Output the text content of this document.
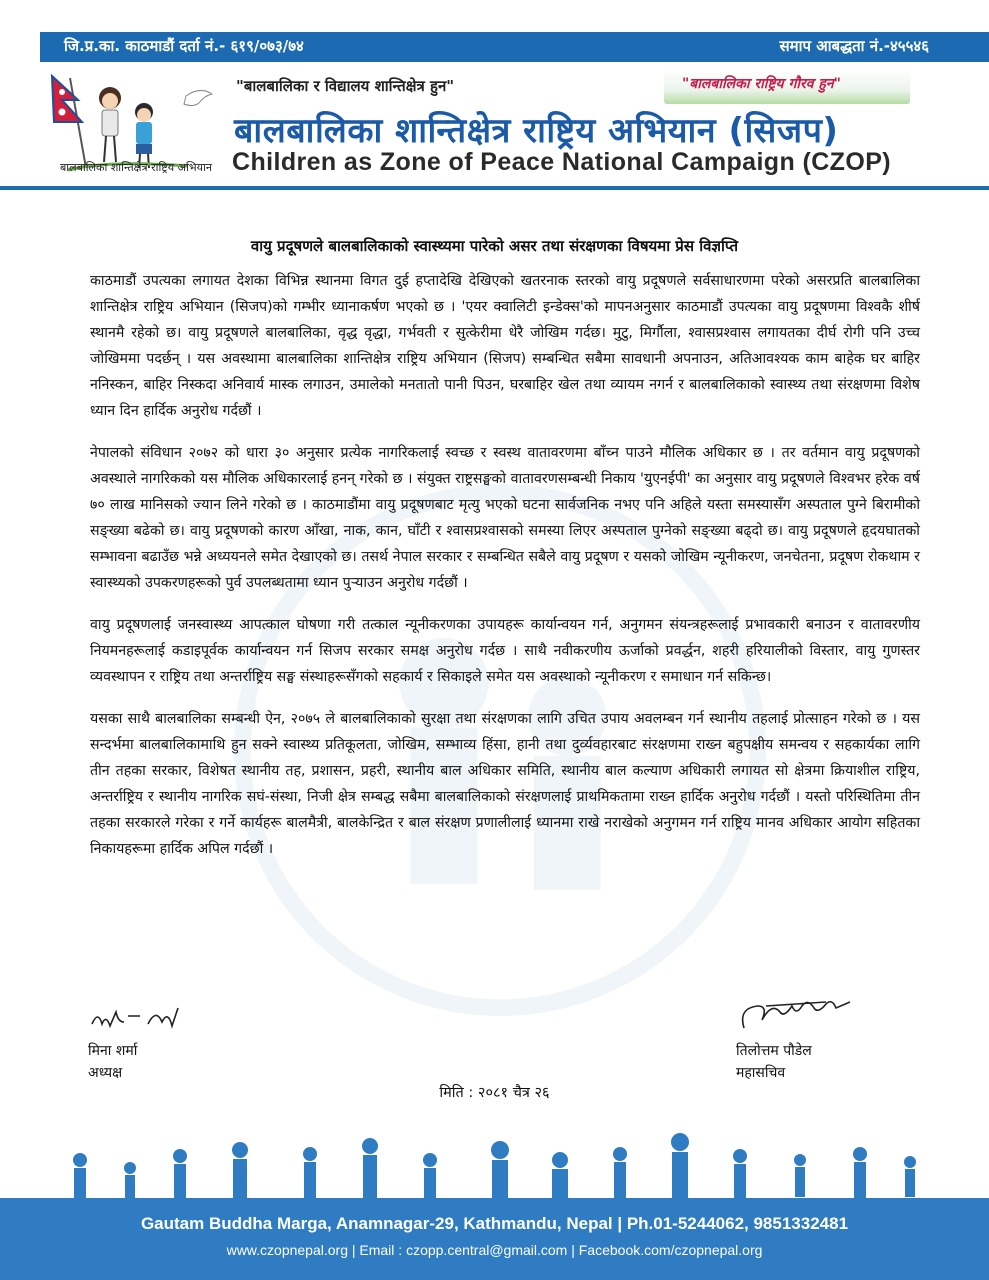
जि.प्र.का. काठमाडौं दर्ता नं.- ६१९/०७३/७४	समाप आबद्धता नं.-४५५४६
बालबालिका शान्तिक्षेत्र राष्ट्रिय अभियान
"बालबालिका र विद्यालय शान्तिक्षेत्र हुन"	"बालबालिका राष्ट्रिय गौरव हुन"
बालबालिका शान्तिक्षेत्र राष्ट्रिय अभियान (सिजप)
Children as Zone of Peace National Campaign (CZOP)
वायु प्रदूषणले बालबालिकाको स्वास्थ्यमा पारेको असर तथा संरक्षणका विषयमा प्रेस विज्ञप्ति

काठमाडौं उपत्यका लगायत देशका विभिन्न स्थानमा विगत दुई हप्तादेखि देखिएको खतरनाक स्तरको वायु प्रदूषणले सर्वसाधारणमा परेको असरप्रति बालबालिका शान्तिक्षेत्र राष्ट्रिय अभियान (सिजप)को गम्भीर ध्यानाकर्षण भएको छ । 'एयर क्वालिटी इन्डेक्स'को मापनअनुसार काठमाडौं उपत्यका वायु प्रदूषणमा विश्वकै शीर्ष स्थानमै रहेको छ। वायु प्रदूषणले बालबालिका, वृद्ध वृद्धा, गर्भवती र सुत्केरीमा धेरै जोखिम गर्दछ। मुटु, मिर्गौला, श्वासप्रश्वास लगायतका दीर्घ रोगी पनि उच्च जोखिममा पदर्छन् । यस अवस्थामा बालबालिका शान्तिक्षेत्र राष्ट्रिय अभियान (सिजप) सम्बन्धित सबैमा सावधानी अपनाउन, अतिआवश्यक काम बाहेक घर बाहिर ननिस्कन, बाहिर निस्कदा अनिवार्य मास्क लगाउन, उमालेको मनतातो पानी पिउन, घरबाहिर खेल तथा व्यायम नगर्न र बालबालिकाको स्वास्थ्य तथा संरक्षणमा विशेष ध्यान दिन हार्दिक अनुरोध गर्दछौं ।

नेपालको संविधान २०७२ को धारा ३० अनुसार प्रत्येक नागरिकलाई स्वच्छ र स्वस्थ वातावरणमा बाँच्न पाउने मौलिक अधिकार छ । तर वर्तमान वायु प्रदूषणको अवस्थाले नागरिकको यस मौलिक अधिकारलाई हनन् गरेको छ । संयुक्त राष्ट्रसङ्घको वातावरणसम्बन्धी निकाय 'युएनईपी' का अनुसार वायु प्रदूषणले विश्वभर हरेक वर्ष ७० लाख मानिसको ज्यान लिने गरेको छ । काठमाडौंमा वायु प्रदूषणबाट मृत्यु भएको घटना सार्वजनिक नभए पनि अहिले यस्ता समस्यासँग अस्पताल पुग्ने बिरामीको सङ्ख्या बढेको छ। वायु प्रदूषणको कारण आँखा, नाक, कान, घाँटी र श्वासप्रश्वासको समस्या लिएर अस्पताल पुग्नेको सङ्ख्या बढ्दो छ। वायु प्रदूषणले हृदयघातको सम्भावना बढाउँछ भन्ने अध्ययनले समेत देखाएको छ। तसर्थ नेपाल सरकार र सम्बन्धित सबैले वायु प्रदूषण र यसको जोखिम न्यूनीकरण, जनचेतना, प्रदूषण रोकथाम र स्वास्थ्यको उपकरणहरूको पुर्व उपलब्धतामा ध्यान पुऱ्याउन अनुरोध गर्दछौं ।

वायु प्रदूषणलाई जनस्वास्थ्य आपत्काल घोषणा गरी तत्काल न्यूनीकरणका उपायहरू कार्यान्वयन गर्न, अनुगमन संयन्त्रहरूलाई प्रभावकारी बनाउन र वातावरणीय नियमनहरूलाई कडाइपूर्वक कार्यान्वयन गर्न सिजप सरकार समक्ष अनुरोध गर्दछ । साथै नवीकरणीय ऊर्जाको प्रवर्द्धन, शहरी हरियालीको विस्तार, वायु गुणस्तर व्यवस्थापन र राष्ट्रिय तथा अन्तर्राष्ट्रिय सङ्घ संस्थाहरूसँगको सहकार्य र सिकाइले समेत यस अवस्थाको न्यूनीकरण र समाधान गर्न सकिन्छ।

यसका साथै बालबालिका सम्बन्धी ऐन, २०७५ ले बालबालिकाको सुरक्षा तथा संरक्षणका लागि उचित उपाय अवलम्बन गर्न स्थानीय तहलाई प्रोत्साहन गरेको छ । यस सन्दर्भमा बालबालिकामाथि हुन सक्ने स्वास्थ्य प्रतिकूलता, जोखिम, सम्भाव्य हिंसा, हानी तथा दुर्व्यवहारबाट संरक्षणमा राख्न बहुपक्षीय समन्वय र सहकार्यका लागि तीन तहका सरकार, विशेषत स्थानीय तह, प्रशासन, प्रहरी, स्थानीय बाल अधिकार समिति, स्थानीय बाल कल्याण अधिकारी लगायत सो क्षेत्रमा क्रियाशील राष्ट्रिय, अन्तर्राष्ट्रिय र स्थानीय नागरिक सघं-संस्था, निजी क्षेत्र सम्बद्ध सबैमा बालबालिकाको संरक्षणलाई प्राथमिकतामा राख्न हार्दिक अनुरोध गर्दछौं । यस्तो परिस्थितिमा तीन तहका सरकारले गरेका र गर्ने कार्यहरू बालमैत्री, बालकेन्द्रित र बाल संरक्षण प्रणालीलाई ध्यानमा राखे नराखेको अनुगमन गर्न राष्ट्रिय मानव अधिकार आयोग सहितका निकायहरूमा हार्दिक अपिल गर्दछौं ।

मिना शर्मा
अध्यक्ष
तिलोत्तम पौडेल
महासचिव
मिति : २०८१ चैत्र २६
Gautam Buddha Marga, Anamnagar-29, Kathmandu, Nepal | Ph.01-5244062, 9851332481
www.czopnepal.org | Email : czopp.central@gmail.com | Facebook.com/czopnepal.org
